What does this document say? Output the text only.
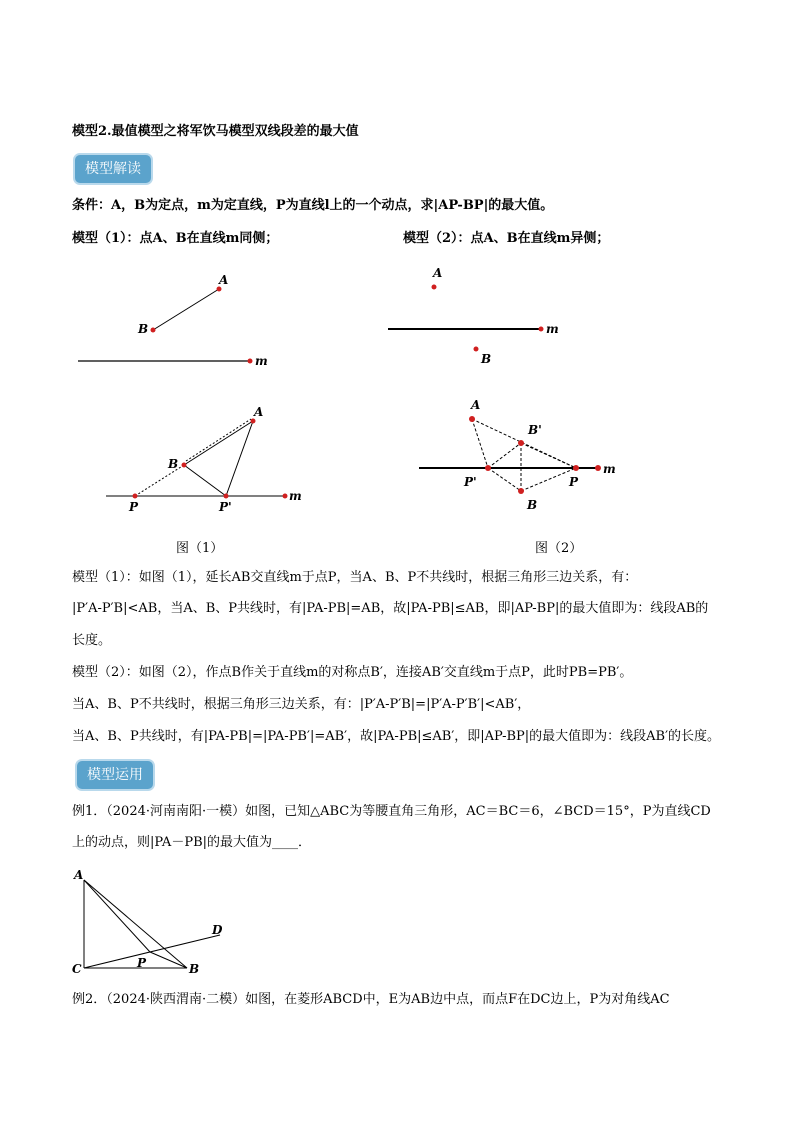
模型2.最值模型之将军饮马模型双线段差的最大值
模型解读
条件：A，B为定点，m为定直线，P为直线l上的一个动点，求|AP-BP|的最大值。
模型（1）：点A、B在直线m同侧；	模型（2）：点A、B在直线m异侧；
A
B
m
A
B
m
A
B
P	P'
m
A
B'
P'	P
B
m
图（1）	图（2）
模型（1）：如图（1），延长AB交直线m于点P，当A、B、P不共线时，根据三角形三边关系，有：
|P′A-P′B|<AB，当A、B、P共线时，有|PA-PB|=AB，故|PA-PB|≤AB，即|AP-BP|的最大值即为：线段AB的
长度。
模型（2）：如图（2），作点B作关于直线m的对称点B′，连接AB′交直线m于点P，此时PB=PB′。
当A、B、P不共线时，根据三角形三边关系，有：|P′A-P′B|=|P′A-P′B′|<AB′，
当A、B、P共线时，有|PA-PB|=|PA-PB′|=AB′，故|PA-PB|≤AB′，即|AP-BP|的最大值即为：线段AB′的长度。
模型运用
例1．（2024·河南南阳·一模）如图，已知△ABC为等腰直角三角形，AC＝BC＝6，∠BCD＝15°，P为直线CD
上的动点，则|PA－PB|的最大值为____．
A
C	P	B
D
例2．（2024·陕西渭南·二模）如图，在菱形ABCD中，E为AB边中点，而点F在DC边上，P为对角线AC
